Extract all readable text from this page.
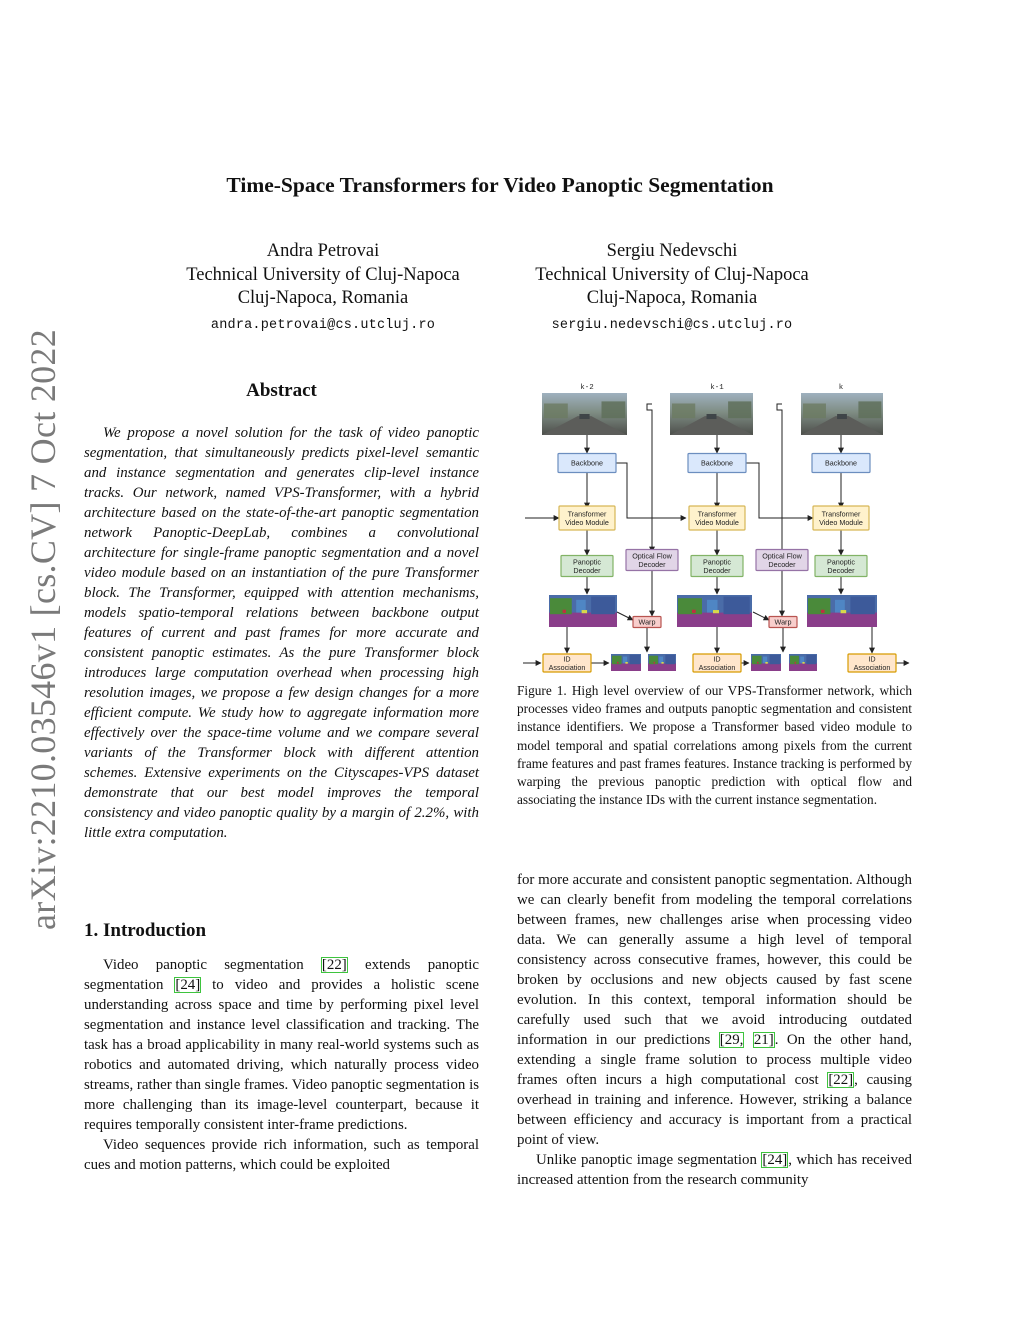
arXiv:2210.03546v1 [cs.CV] 7 Oct 2022
Time-Space Transformers for Video Panoptic Segmentation
Andra Petrovai
Technical University of Cluj-Napoca
Cluj-Napoca, Romania
andra.petrovai@cs.utcluj.ro
Sergiu Nedevschi
Technical University of Cluj-Napoca
Cluj-Napoca, Romania
sergiu.nedevschi@cs.utcluj.ro
Abstract

We propose a novel solution for the task of video panoptic segmentation, that simultaneously predicts pixel-level semantic and instance segmentation and generates clip-level instance tracks. Our network, named VPS-Transformer, with a hybrid architecture based on the state-of-the-art panoptic segmentation network Panoptic-DeepLab, combines a convolutional architecture for single-frame panoptic segmentation and a novel video module based on an instantiation of the pure Transformer block. The Transformer, equipped with attention mechanisms, models spatio-temporal relations between backbone output features of current and past frames for more accurate and consistent panoptic estimates. As the pure Transformer block introduces large computation overhead when processing high resolution images, we propose a few design changes for a more efficient compute. We study how to aggregate information more effectively over the space-time volume and we compare several variants of the Transformer block with different attention schemes. Extensive experiments on the Cityscapes-VPS dataset demonstrate that our best model improves the temporal consistency and video panoptic quality by a margin of 2.2%, with little extra computation.

1. Introduction

Video panoptic segmentation [22] extends panoptic segmentation [24] to video and provides a holistic scene understanding across space and time by performing pixel level segmentation and instance level classification and tracking. The task has a broad applicability in many real-world systems such as robotics and automated driving, which naturally process video streams, rather than single frames. Video panoptic segmentation is more challenging than its image-level counterpart, because it requires temporally consistent inter-frame predictions.

Video sequences provide rich information, such as temporal cues and motion patterns, which could be exploited

k-2	k-1	k
Backbone	Backbone	Backbone
Transformer
Video Module
Transformer
Video Module
Transformer
Video Module
Panoptic
Decoder
Panoptic
Decoder
Panoptic
Decoder
Optical Flow
Decoder
Optical Flow
Decoder
Warp	Warp
ID
Association
ID
Association
ID
Association
Figure 1. High level overview of our VPS-Transformer network, which processes video frames and outputs panoptic segmentation and consistent instance identifiers. We propose a Transformer based video module to model temporal and spatial correlations among pixels from the current frame features and past frames features. Instance tracking is performed by warping the previous panoptic prediction with optical flow and associating the instance IDs with the current instance segmentation.

for more accurate and consistent panoptic segmentation. Although we can clearly benefit from modeling the temporal correlations between frames, new challenges arise when processing video data. We can generally assume a high level of temporal consistency across consecutive frames, however, this could be broken by occlusions and new objects caused by fast scene evolution. In this context, temporal information should be carefully used such that we avoid introducing outdated information in our predictions [29, 21]. On the other hand, extending a single frame solution to process multiple video frames often incurs a high computational cost [22], causing overhead in training and inference. However, striking a balance between efficiency and accuracy is important from a practical point of view.

Unlike panoptic image segmentation [24], which has received increased attention from the research community
